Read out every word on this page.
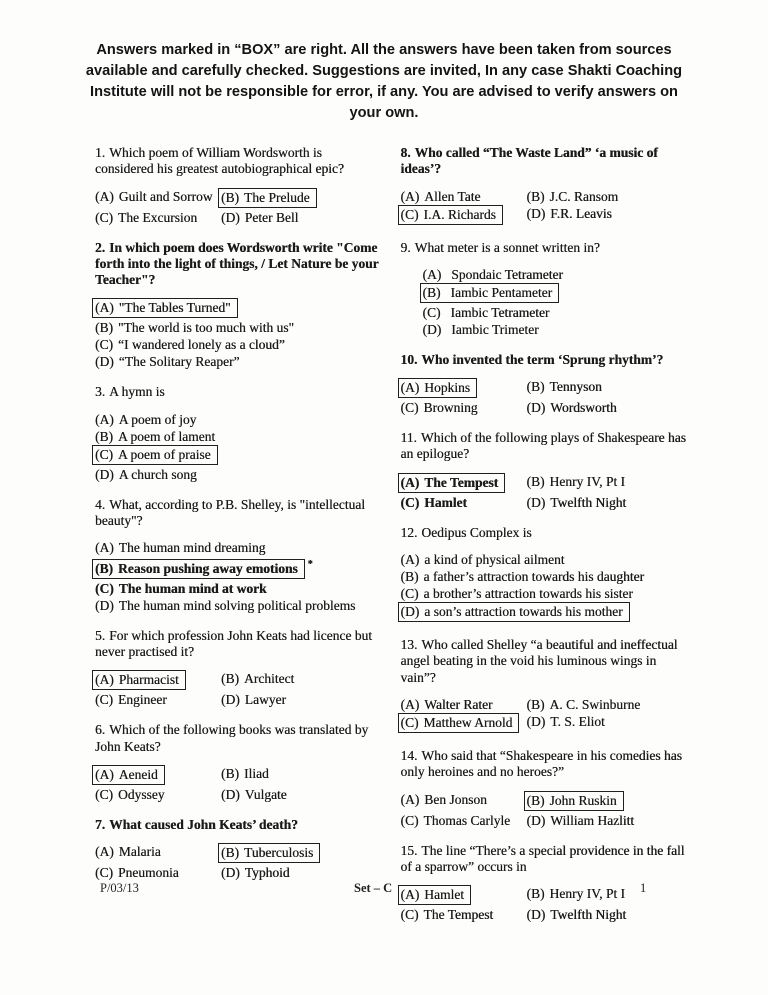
Answers marked in “BOX” are right. All the answers have been taken from sources available and carefully checked. Suggestions are invited, In any case Shakti Coaching Institute will not be responsible for error, if any. You are advised to verify answers on your own.

1. Which poem of William Wordsworth is considered his greatest autobiographical epic?

(A) Guilt and Sorrow (B) The Prelude
(C) The Excursion	(D) Peter Bell

2. In which poem does Wordsworth write "Come forth into the light of things, / Let Nature be your Teacher"?

(A) "The Tables Turned"
(B) "The world is too much with us"
(C) “I wandered lonely as a cloud”
(D) “The Solitary Reaper”

3. A hymn is

(A) A poem of joy
(B) A poem of lament
(C) A poem of praise
(D) A church song

4. What, according to P.B. Shelley, is "intellectual beauty"?

(A) The human mind dreaming
(B) Reason pushing away emotions *
(C) The human mind at work
(D) The human mind solving political problems

5. For which profession John Keats had licence but never practised it?

(A) Pharmacist	(B) Architect
(C) Engineer	(D) Lawyer

6. Which of the following books was translated by John Keats?

(A) Aeneid	(B) Iliad
(C) Odyssey	(D) Vulgate

7. What caused John Keats’ death?

(A) Malaria	(B) Tuberculosis
(C) Pneumonia	(D) Typhoid

8. Who called “The Waste Land” ‘a music of ideas’?

(A) Allen Tate	(B) J.C. Ransom
(C) I.A. Richards	(D) F.R. Leavis

9. What meter is a sonnet written in?

(A) Spondaic Tetrameter
(B) Iambic Pentameter
(C) Iambic Tetrameter
(D) Iambic Trimeter

10. Who invented the term ‘Sprung rhythm’?

(A) Hopkins	(B) Tennyson
(C) Browning	(D) Wordsworth

11. Which of the following plays of Shakespeare has an epilogue?

(A) The Tempest	(B) Henry IV, Pt I
(C) Hamlet	(D) Twelfth Night

12. Oedipus Complex is

(A) a kind of physical ailment
(B) a father’s attraction towards his daughter
(C) a brother’s attraction towards his sister
(D) a son’s attraction towards his mother

13. Who called Shelley “a beautiful and ineffectual angel beating in the void his luminous wings in vain”?

(A) Walter Rater	(B) A. C. Swinburne
(C) Matthew Arnold	(D) T. S. Eliot

14. Who said that “Shakespeare in his comedies has only heroines and no heroes?”

(A) Ben Jonson	(B) John Ruskin
(C) Thomas Carlyle	(D) William Hazlitt

15. The line “There’s a special providence in the fall of a sparrow” occurs in

(A) Hamlet	(B) Henry IV, Pt I
(C) The Tempest	(D) Twelfth Night
P/03/13	Set – C	1
